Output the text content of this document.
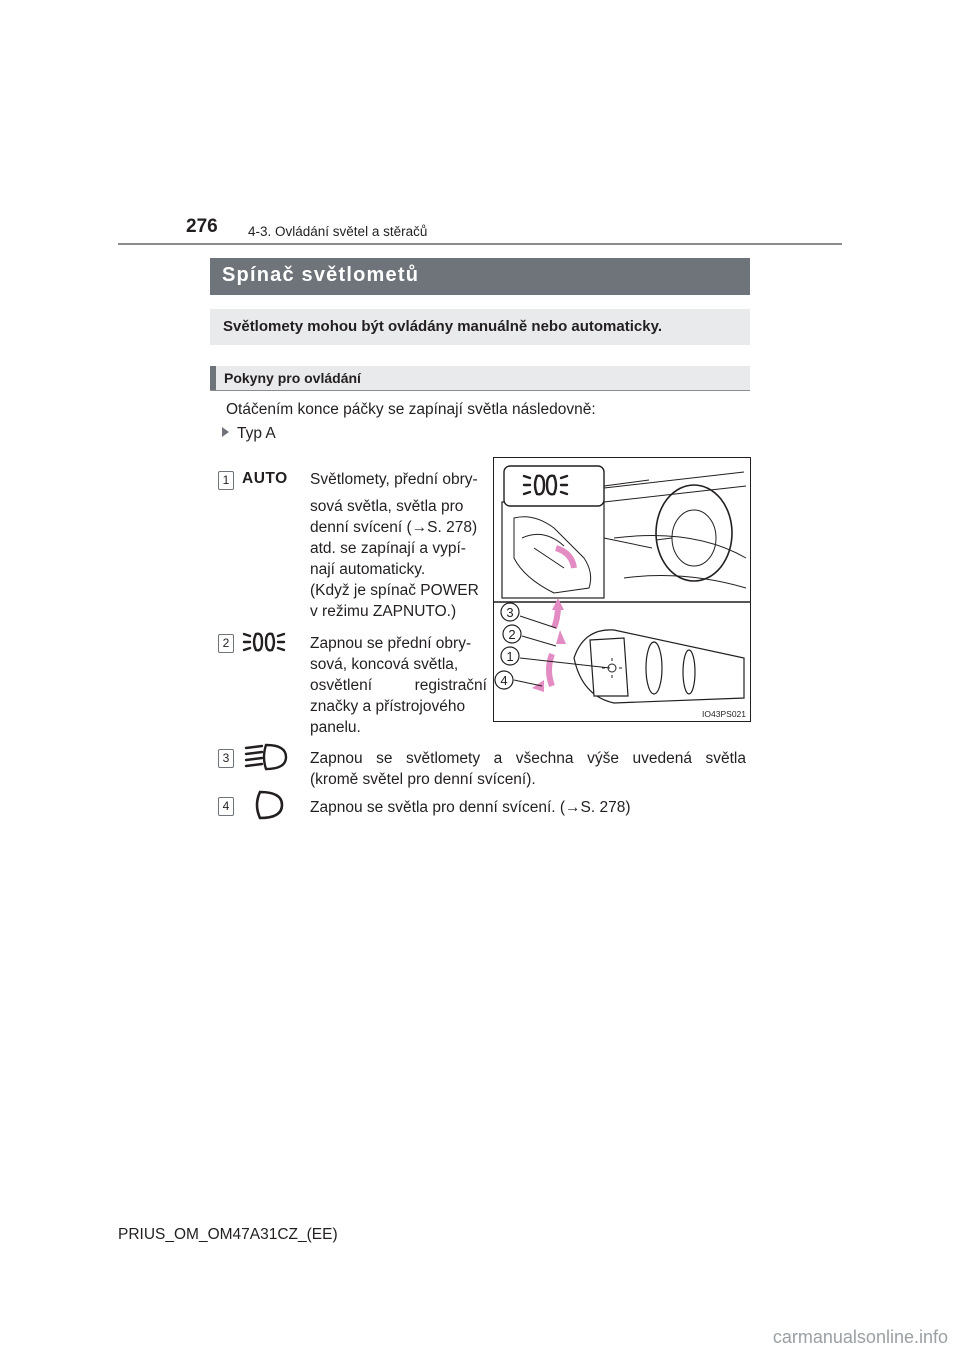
276 4-3. Ovládání světel a stěračů
Spínač světlometů
Světlomety mohou být ovládány manuálně nebo automaticky.
Pokyny pro ovládání
Otáčením konce páčky se zapínají světla následovně:
Typ A
1 AUTO Světlomety, přední obry-
sová světla, světla pro
denní svícení (→S. 278)
atd. se zapínají a vypí-
nají automaticky.
(Když je spínač POWER
v režimu ZAPNUTO.)
2	Zapnou se přední obry-
sová, koncová světla,
osvětlení registrační
značky a přístrojového
panelu.
3	Zapnou se světlomety a všechna výše uvedená světla
(kromě světel pro denní svícení).
4	Zapnou se světla pro denní svícení. (→S. 278)
3
2
1
4
IO43PS021
PRIUS_OM_OM47A31CZ_(EE)
carmanualsonline.info
